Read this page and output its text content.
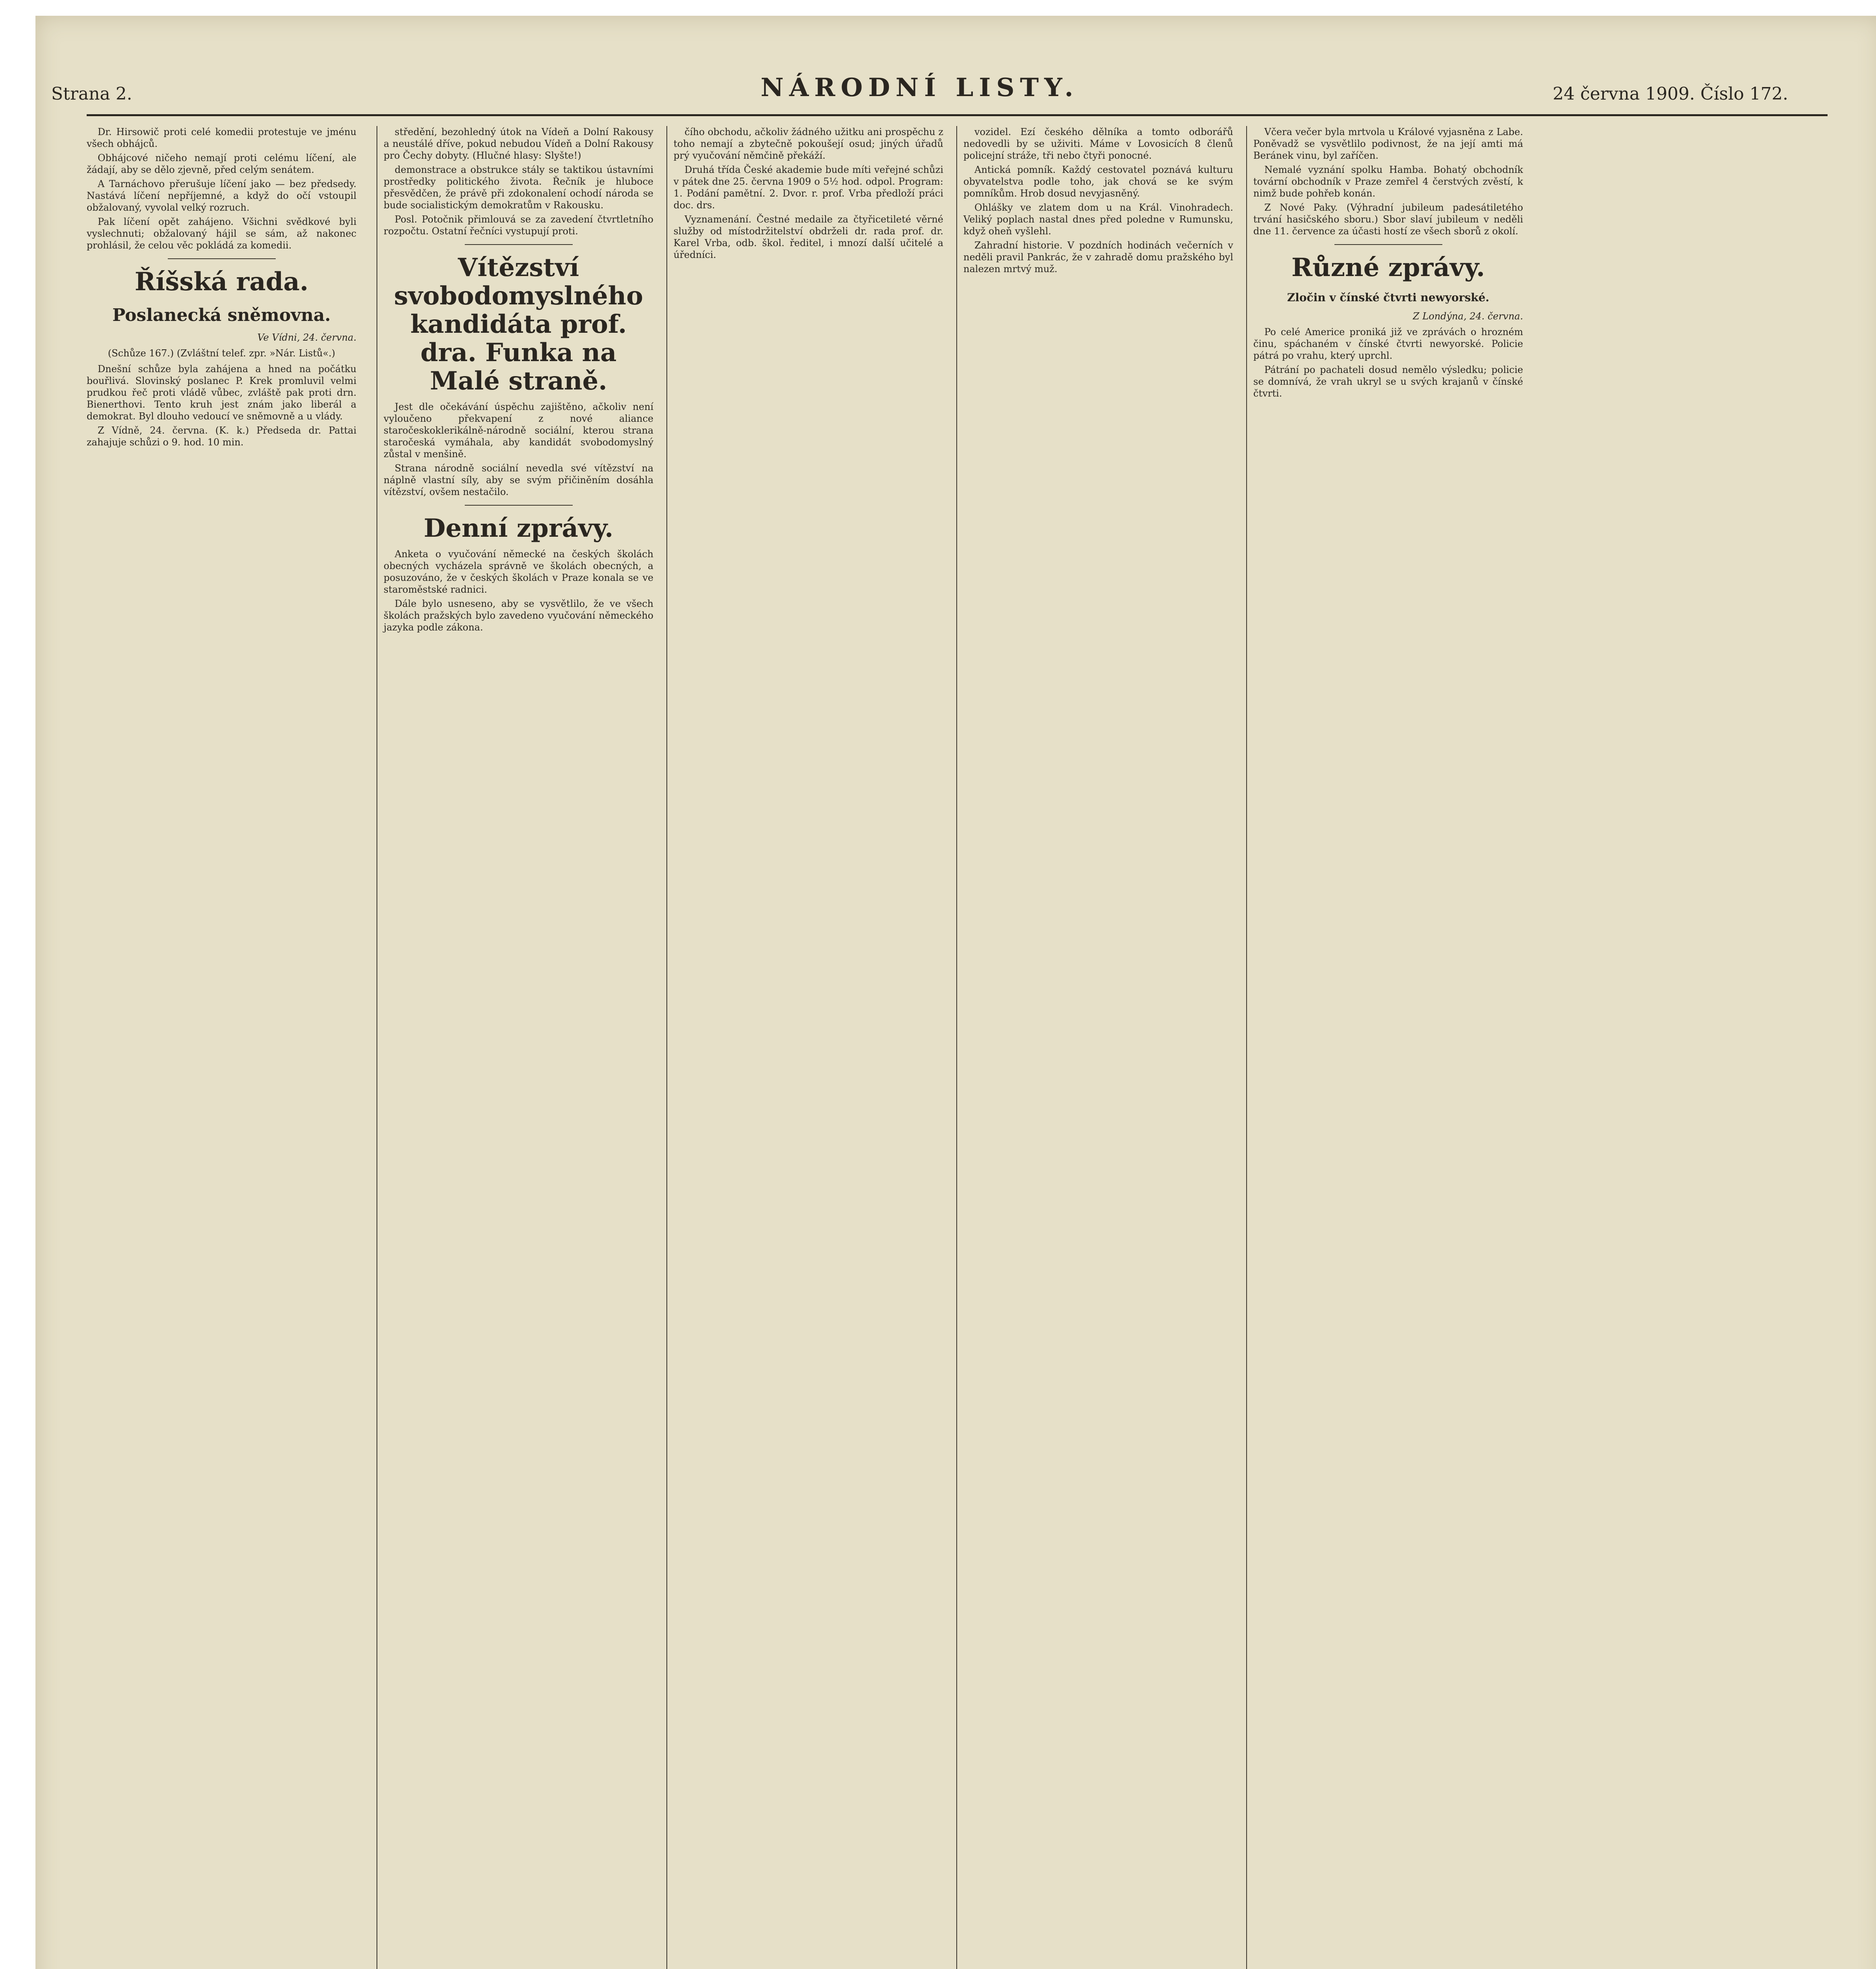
Strana 2.	NÁRODNÍ LISTY.	24 června 1909. Číslo 172.

Dr. Hirsowič proti celé komedii protestuje ve jménu všech obhájců.

Obhájcové ničeho nemají proti celému líčení, ale žádají, aby se dělo zjevně, před celým senátem.

A Tarnáchovo přerušuje líčení jako — bez předsedy. Nastává líčení nepříjemné, a když do očí vstoupil obžalovaný, vyvolal velký rozruch.

Pak líčení opět zahájeno. Všichni svědkové byli vyslechnuti; obžalovaný hájil se sám, až nakonec prohlásil, že celou věc pokládá za komedii.

Říšská rada.
Poslanecká sněmovna.
Ve Vídni, 24. června.
(Schůze 167.) (Zvláštní telef. zpr. »Nár. Listů«.)

Dnešní schůze byla zahájena a hned na počátku bouřlivá. Slovinský poslanec P. Krek promluvil velmi prudkou řeč proti vládě vůbec, zvláště pak proti drn. Bienerthovi. Tento kruh jest znám jako liberál a demokrat. Byl dlouho vedoucí ve sněmovně a u vlády.

Z Vídně, 24. června. (K. k.) Předseda dr. Pattai zahajuje schůzi o 9. hod. 10 min.

středění, bezohledný útok na Vídeň a Dolní Rakousy a neustálé dříve, pokud nebudou Vídeň a Dolní Rakousy pro Čechy dobyty. (Hlučné hlasy: Slyšte!)

demonstrace a obstrukce stály se taktikou ústavními prostředky politického života. Řečník je hluboce přesvědčen, že právě při zdokonalení ochodí národa se bude socialistickým demokratům v Rakousku.

Posl. Potočnik přimlouvá se za zavedení čtvrtletního rozpočtu. Ostatní řečníci vystupují proti.

Vítězství svobodomyslného kandidáta prof. dra. Funka na Malé straně.

Jest dle očekávání úspěchu zajištěno, ačkoliv není vyloučeno překvapení z nové aliance staročeskoklerikálně-národně sociální, kterou strana staročeská vymáhala, aby kandidát svobodomyslný zůstal v menšině.

Strana národně sociální nevedla své vítězství na náplně vlastní síly, aby se svým přičiněním dosáhla vítězství, ovšem nestačilo.

Denní zprávy.

Anketa o vyučování německé na českých školách obecných vycházela správně ve školách obecných, a posuzováno, že v českých školách v Praze konala se ve staroměstské radnici.

Dále bylo usneseno, aby se vysvětlilo, že ve všech školách pražských bylo zavedeno vyučování německého jazyka podle zákona.

čího obchodu, ačkoliv žádného užitku ani prospěchu z toho nemají a zbytečně pokoušejí osud; jiných úřadů prý vyučování němčině překáží.

Druhá třída České akademie bude míti veřejné schůzi v pátek dne 25. června 1909 o 5½ hod. odpol. Program: 1. Podání pamětní. 2. Dvor. r. prof. Vrba předloží práci doc. drs.

Vyznamenání. Čestné medaile za čtyřicetileté věrné služby od místodržitelství obdrželi dr. rada prof. dr. Karel Vrba, odb. škol. ředitel, i mnozí další učitelé a úředníci.

vozidel. Ezí českého dělníka a tomto odborářů nedovedli by se uživiti. Máme v Lovosicích 8 členů policejní stráže, tři nebo čtyři ponocné.

Antická pomník. Každý cestovatel poznává kulturu obyvatelstva podle toho, jak chová se ke svým pomníkům. Hrob dosud nevyjasněný.

Ohlášky ve zlatem dom u na Král. Vinohradech. Veliký poplach nastal dnes před poledne v Rumunsku, když oheň vyšlehl.

Zahradní historie. V pozdních hodinách večerních v neděli pravil Pankrác, že v zahradě domu pražského byl nalezen mrtvý muž.

Včera večer byla mrtvola u Králové vyjasněna z Labe. Poněvadž se vysvětlilo podivnost, že na její amti má Beránek vinu, byl zaříčen.

Nemalé vyznání spolku Hamba. Bohatý obchodník tovární obchodník v Praze zemřel 4 čerstvých zvěstí, k nimž bude pohřeb konán.

Z Nové Paky. (Výhradní jubileum padesátiletého trvání hasičského sboru.) Sbor slaví jubileum v neděli dne 11. července za účasti hostí ze všech sborů z okolí.

Různé zprávy.
Zločin v čínské čtvrti newyorské.
Z Londýna, 24. června.

Po celé Americe proniká již ve zprávách o hrozném činu, spáchaném v čínské čtvrti newyorské. Policie pátrá po vrahu, který uprchl.

Pátrání po pachateli dosud nemělo výsledku; policie se domnívá, že vrah ukryl se u svých krajanů v čínské čtvrti.
